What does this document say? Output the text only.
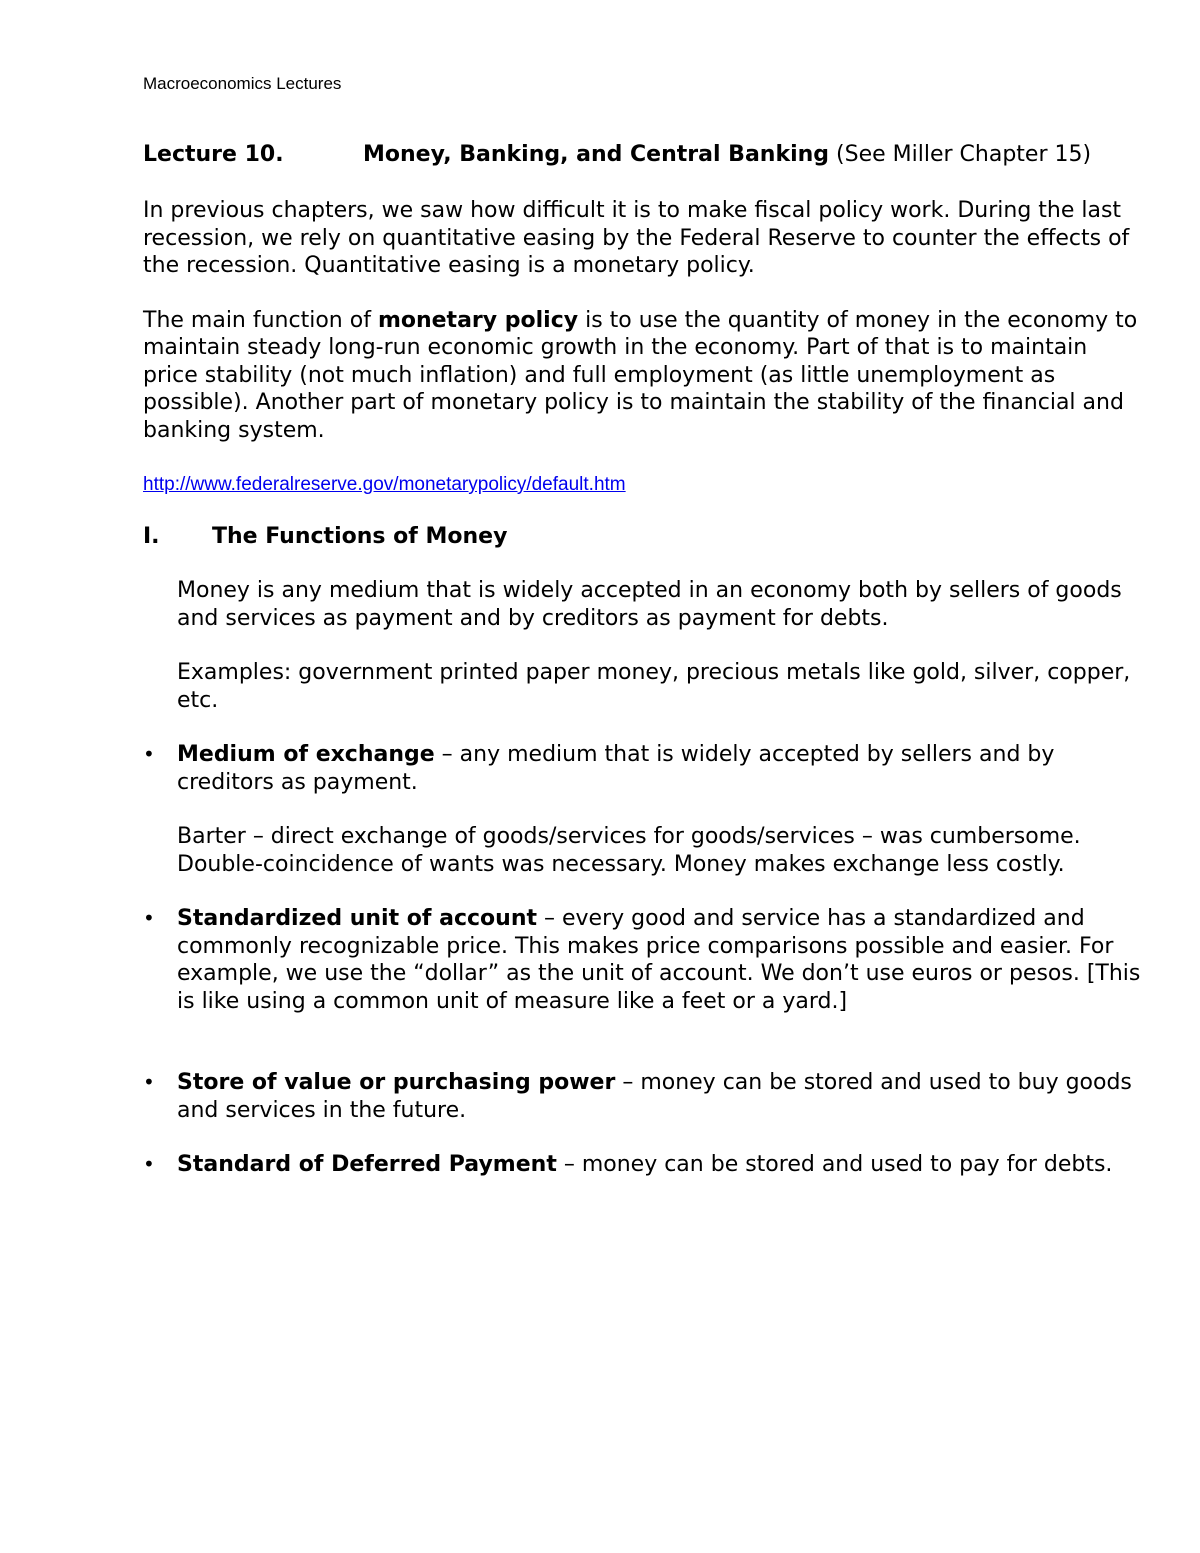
Macroeconomics Lectures
Lecture 10.	Money, Banking, and Central Banking (See Miller Chapter 15)

In previous chapters, we saw how difficult it is to make fiscal policy work. During the last recession, we rely on quantitative easing by the Federal Reserve to counter the effects of the recession. Quantitative easing is a monetary policy.

The main function of monetary policy is to use the quantity of money in the economy to maintain steady long-run economic growth in the economy. Part of that is to maintain price stability (not much inflation) and full employment (as little unemployment as possible). Another part of monetary policy is to maintain the stability of the financial and banking system.

http://www.federalreserve.gov/monetarypolicy/default.htm
I. The Functions of Money

Money is any medium that is widely accepted in an economy both by sellers of goods and services as payment and by creditors as payment for debts.

Examples: government printed paper money, precious metals like gold, silver, copper, etc.

•	Medium of exchange – any medium that is widely accepted by sellers and by creditors as payment.

Barter – direct exchange of goods/services for goods/services – was cumbersome. Double-coincidence of wants was necessary. Money makes exchange less costly.

•	Standardized unit of account – every good and service has a standardized and commonly recognizable price. This makes price comparisons possible and easier. For example, we use the “dollar” as the unit of account. We don’t use euros or pesos. [This is like using a common unit of measure like a feet or a yard.]

•	Store of value or purchasing power – money can be stored and used to buy goods and services in the future.

•	Standard of Deferred Payment – money can be stored and used to pay for debts.
